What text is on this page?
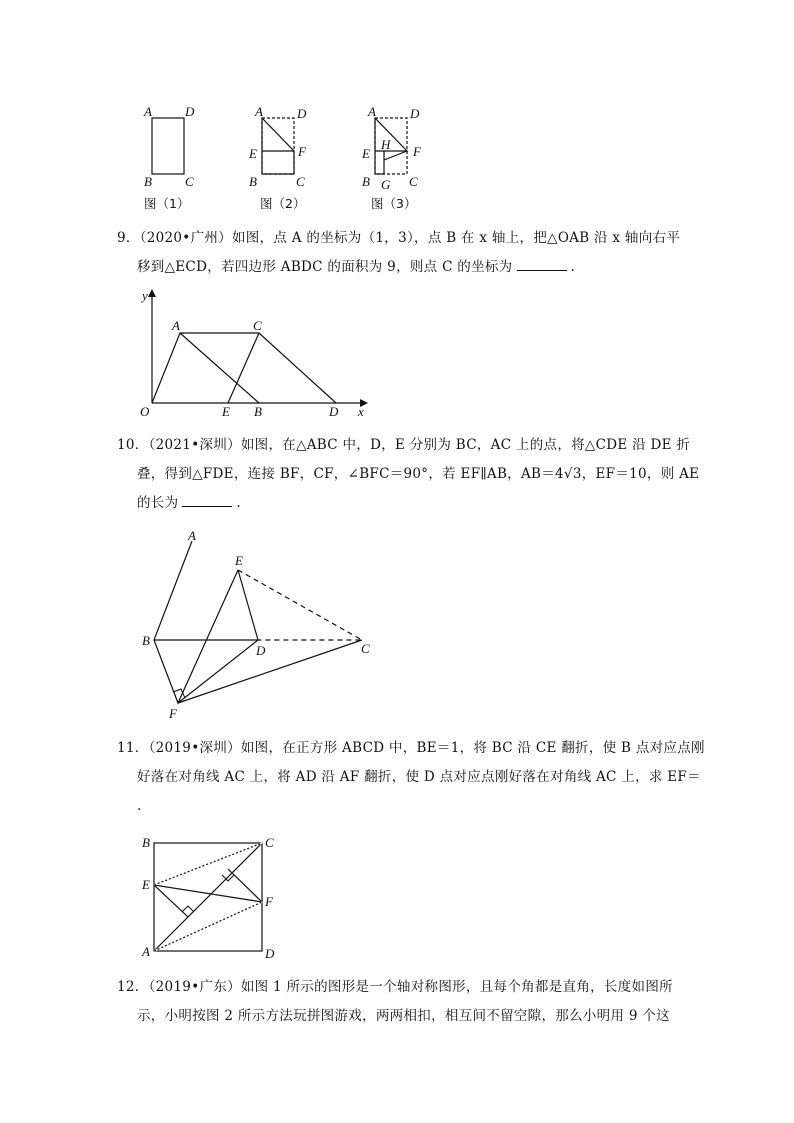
A	D
B	C
图（1）
A	D
E	F
B	C
图（2）
A	D
E
H F
B G C
图（3）
9．（2020•广州）如图，点 A 的坐标为（1，3），点 B 在 x 轴上，把△OAB 沿 x 轴向右平
移到△ECD，若四边形 ABDC 的面积为 9，则点 C 的坐标为	.
y
x
O
A	C
E B	D
10．（2021•深圳）如图，在△ABC 中，D，E 分别为 BC，AC 上的点，将△CDE 沿 DE 折
叠，得到△FDE，连接 BF，CF，∠BFC＝90°，若 EF∥AB，AB＝4√3，EF＝10，则 AE
的长为	.
A
E
B
D	C
F
11．（2019•深圳）如图，在正方形 ABCD 中，BE＝1，将 BC 沿 CE 翻折，使 B 点对应点刚
好落在对角线 AC 上，将 AD 沿 AF 翻折，使 D 点对应点刚好落在对角线 AC 上，求 EF＝
.
B	C
E
F
A	D
12．（2019•广东）如图 1 所示的图形是一个轴对称图形，且每个角都是直角，长度如图所
示，小明按图 2 所示方法玩拼图游戏，两两相扣，相互间不留空隙，那么小明用 9 个这
